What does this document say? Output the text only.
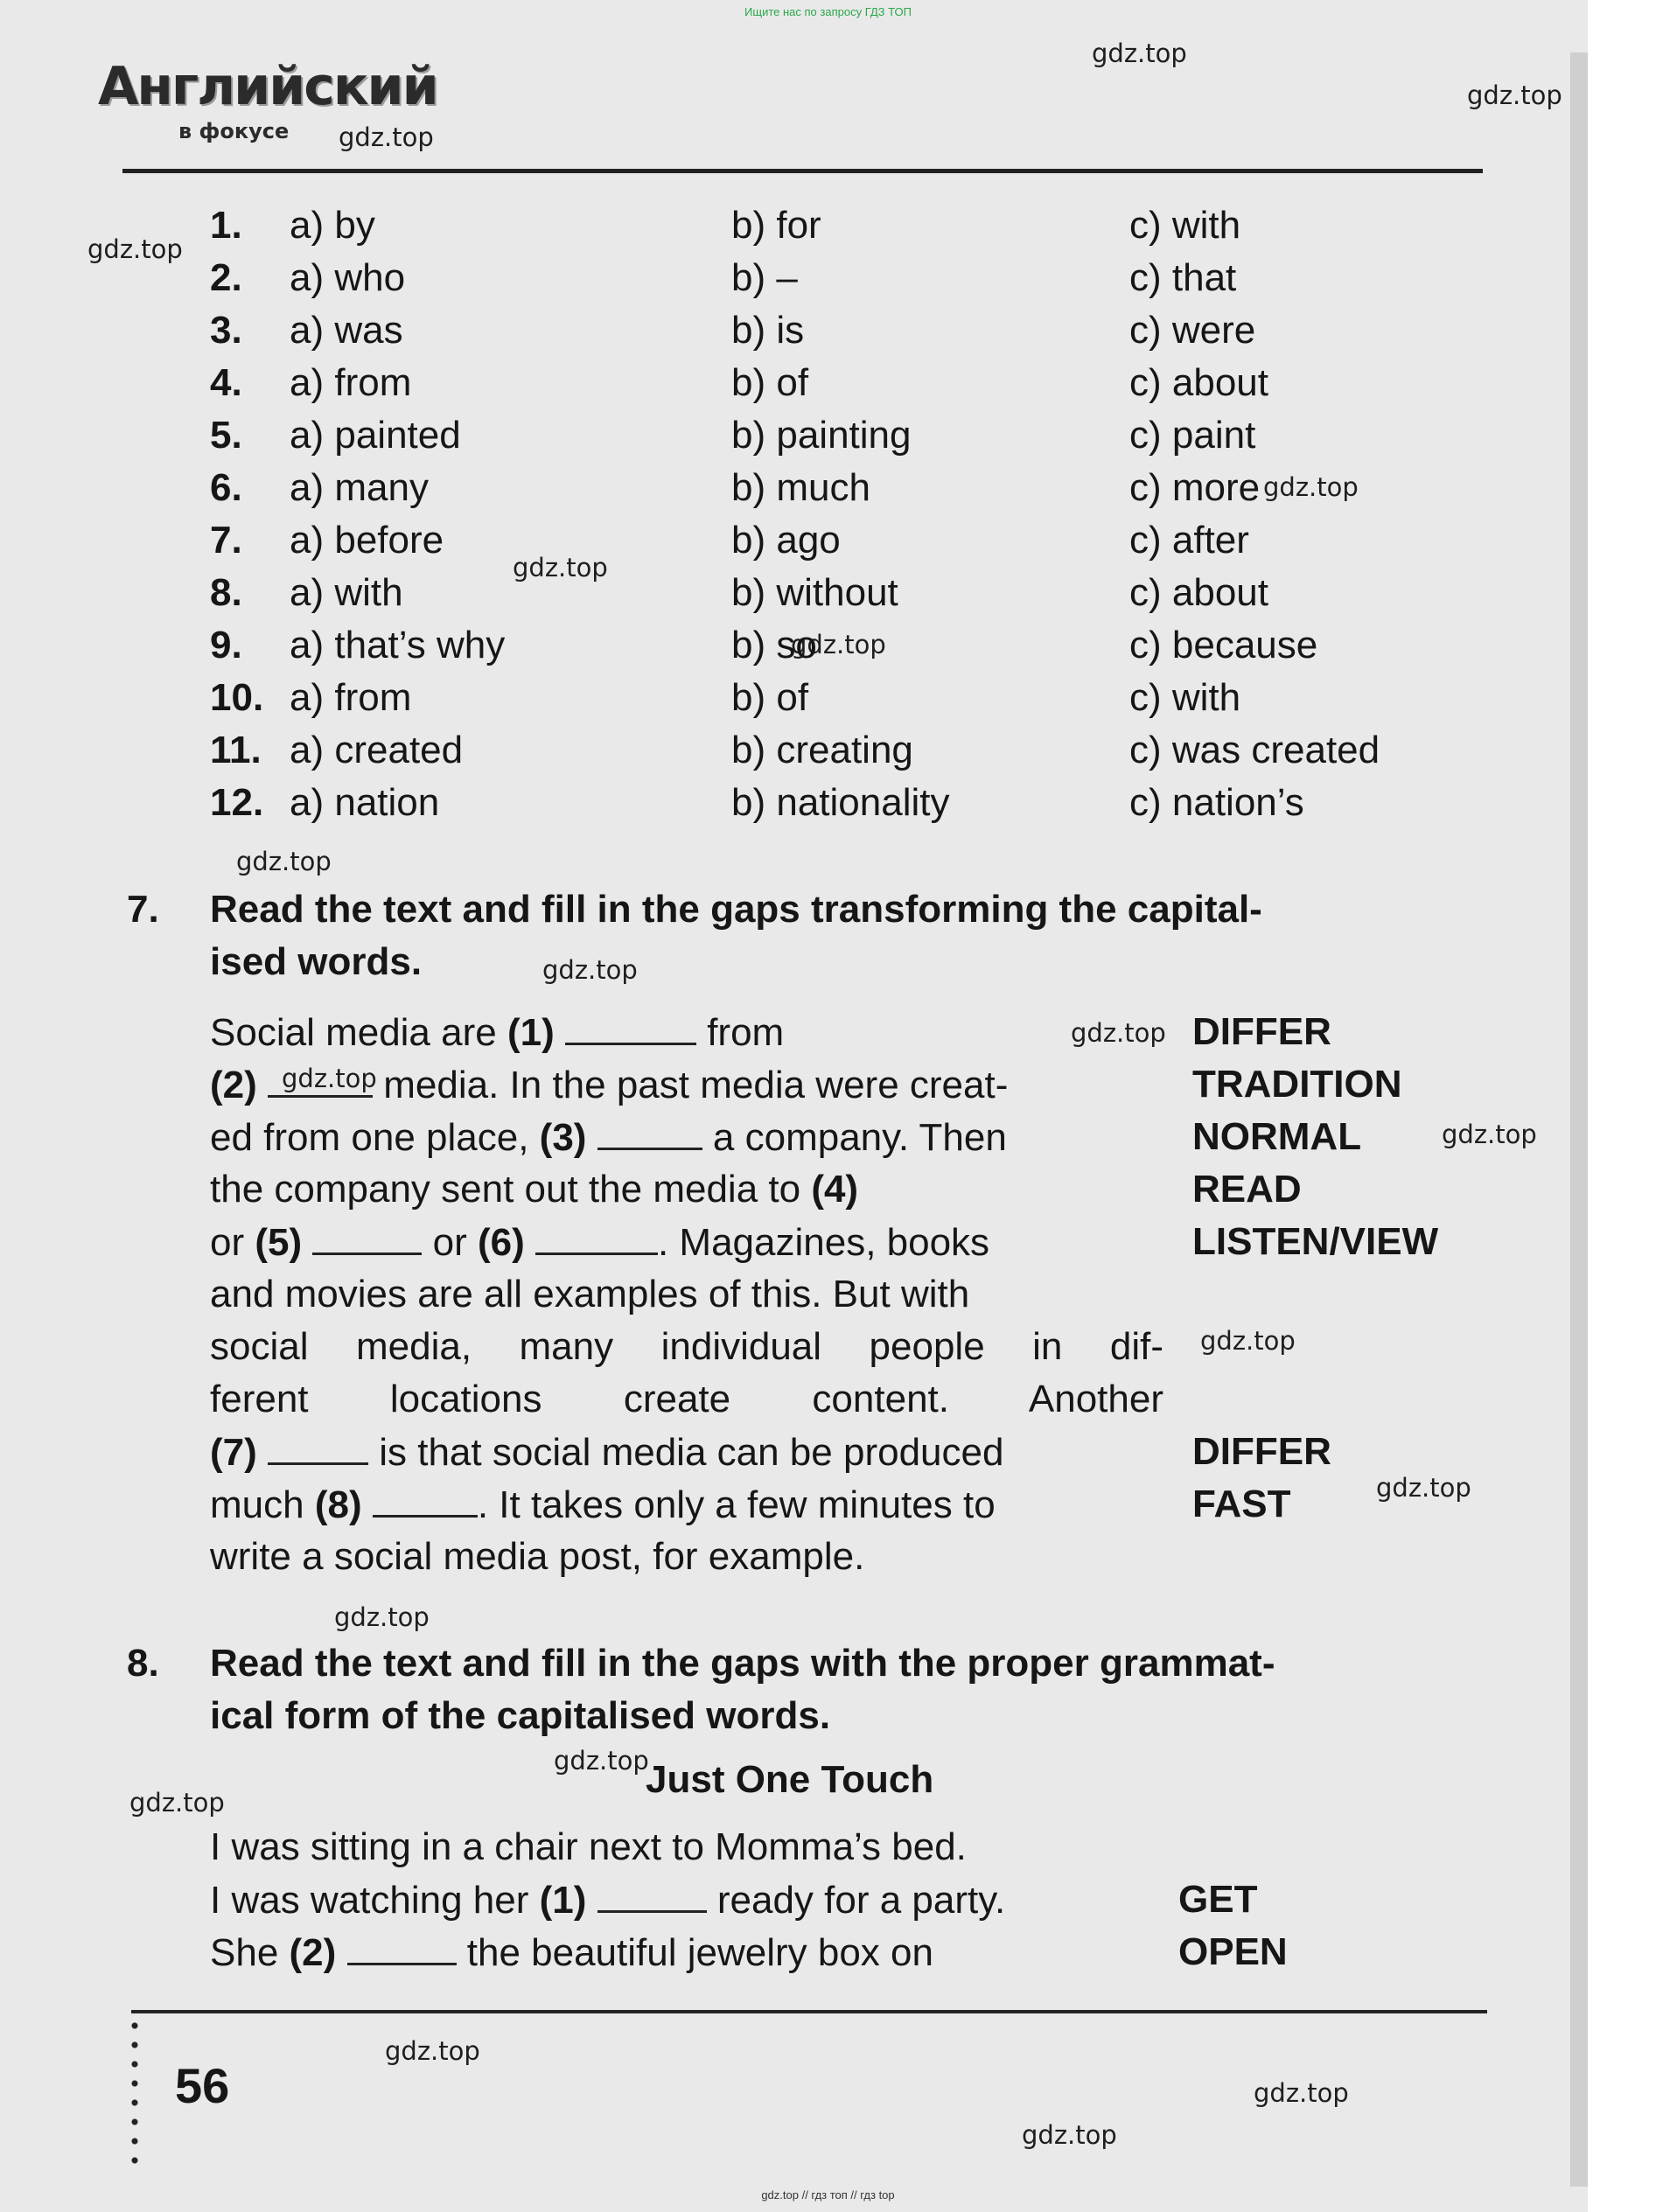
Ищите нас по запросу ГДЗ ТОП
Английский
в фокусе
gdz.top
gdz.top
gdz.top
gdz.top
gdz.top
gdz.top
gdz.top
gdz.top
gdz.top
gdz.top
gdz.top
gdz.top
gdz.top
gdz.top
gdz.top
gdz.top
gdz.top
gdz.top
gdz.top
gdz.top
1. a) by	b) for	c) with
2. a) who	b) –	c) that
3. a) was	b) is	c) were
4. a) from	b) of	c) about
5. a) painted	b) painting	c) paint
6. a) many	b) much	c) more
7. a) before	b) ago	c) after
8. a) with	b) without	c) about
9. a) that’s why	b) so	c) because
10. a) from	b) of	c) with
11. a) created	b) creating	c) was created
12. a) nation	b) nationality	c) nation’s
7. Read the text and fill in the gaps transforming the capital-
ised words.
Social media are (1)	from
(2)	media. In the past media were creat-
ed from one place, (3)	a company. Then
the company sent out the media to (4)
or (5)	or (6)	. Magazines, books
and movies are all examples of this. But with
social media, many individual people in dif-
ferent locations create content. Another
(7)	is that social media can be produced
much (8)	. It takes only a few minutes to
write a social media post, for example.
DIFFER
TRADITION
NORMAL
READ
LISTEN/VIEW
DIFFER
FAST
8. Read the text and fill in the gaps with the proper grammat-
ical form of the capitalised words.
Just One Touch
I was sitting in a chair next to Momma’s bed.
I was watching her (1)	ready for a party.
She (2)	the beautiful jewelry box on
GET
OPEN
56
gdz.top // гдз топ // гдз top
